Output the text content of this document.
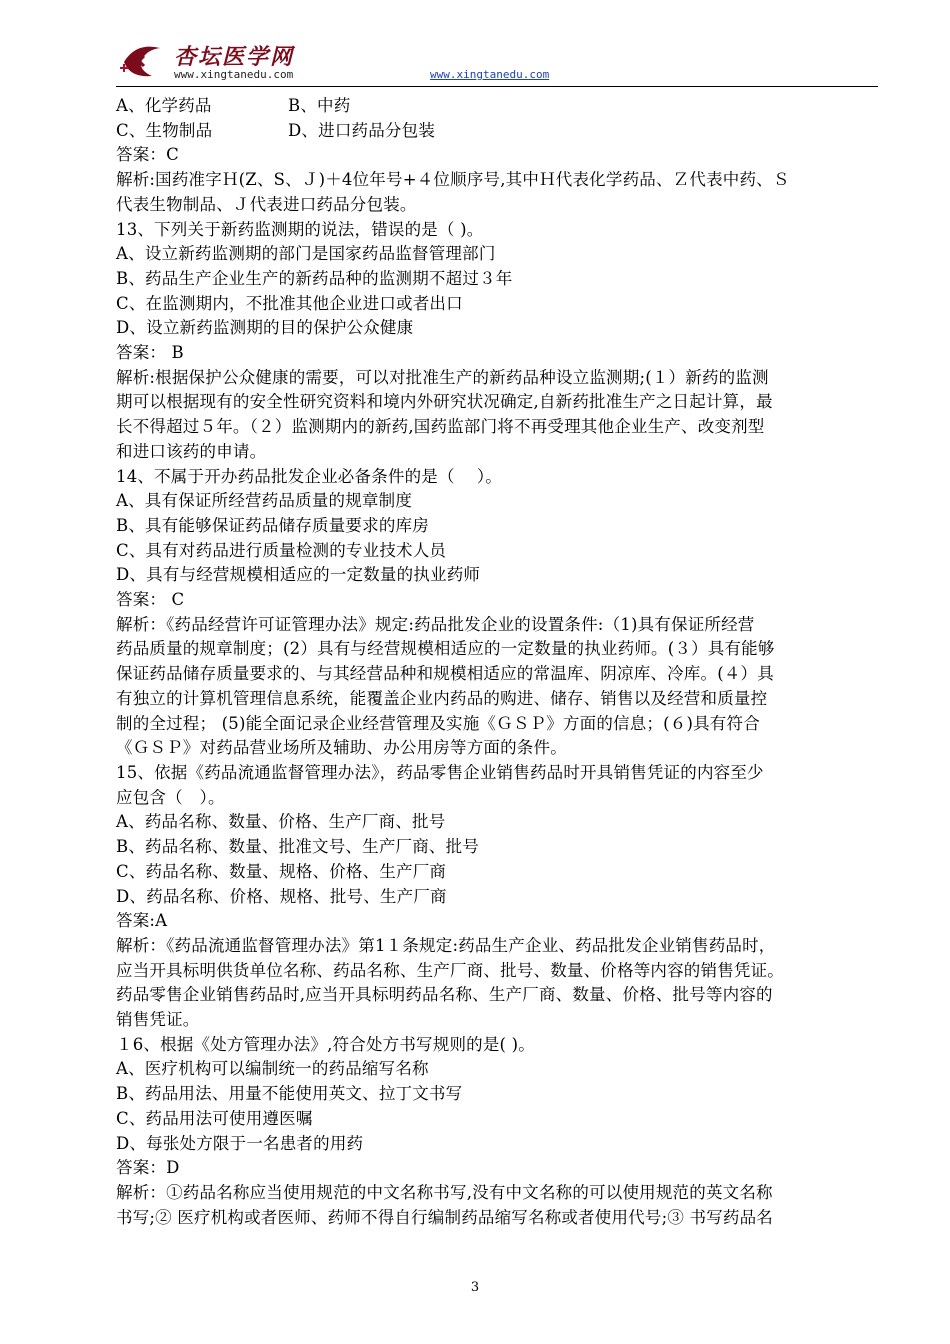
杏坛医学网
www.xingtanedu.com	www.xingtanedu.com
A、化学药品	B、中药
C、生物制品	D、进口药品分包装
答案：C
解析:国药准字Ｈ(Z、S、Ｊ)＋4位年号+４位顺序号,其中Ｈ代表化学药品、Ｚ代表中药、Ｓ
代表生物制品、Ｊ代表进口药品分包装。
13、下列关于新药监测期的说法，错误的是（ )。
A、设立新药监测期的部门是国家药品监督管理部门
B、药品生产企业生产的新药品种的监测期不超过３年
C、在监测期内，不批准其他企业进口或者出口
D、设立新药监测期的目的保护公众健康
答案： B
解析:根据保护公众健康的需要，可以对批准生产的新药品种设立监测期;(１）新药的监测
期可以根据现有的安全性研究资料和境内外研究状况确定,自新药批准生产之日起计算，最
长不得超过５年。（２）监测期内的新药,国药监部门将不再受理其他企业生产、改变剂型
和进口该药的申请。
14、不属于开办药品批发企业必备条件的是（　 ）。
A、具有保证所经营药品质量的规章制度
B、具有能够保证药品储存质量要求的库房
C、具有对药品进行质量检测的专业技术人员
D、具有与经营规模相适应的一定数量的执业药师
答案： C
解析：《药品经营许可证管理办法》规定:药品批发企业的设置条件:（1)具有保证所经营
药品质量的规章制度；(2）具有与经营规模相适应的一定数量的执业药师。(３）具有能够
保证药品储存质量要求的、与其经营品种和规模相适应的常温库、阴凉库、冷库。(４）具
有独立的计算机管理信息系统，能覆盖企业内药品的购进、储存、销售以及经营和质量控
制的全过程； (5)能全面记录企业经营管理及实施《ＧＳＰ》方面的信息；(６)具有符合
《ＧＳＰ》对药品营业场所及辅助、办公用房等方面的条件。
15、依据《药品流通监督管理办法》，药品零售企业销售药品时开具销售凭证的内容至少
应包含（　）。
A、药品名称、数量、价格、生产厂商、批号
B、药品名称、数量、批准文号、生产厂商、批号
C、药品名称、数量、规格、价格、生产厂商
D、药品名称、价格、规格、批号、生产厂商
答案:A
解析：《药品流通监督管理办法》第1１条规定:药品生产企业、药品批发企业销售药品时，
应当开具标明供货单位名称、药品名称、生产厂商、批号、数量、价格等内容的销售凭证。
药品零售企业销售药品时,应当开具标明药品名称、生产厂商、数量、价格、批号等内容的
销售凭证。
１6、根据《处方管理办法》,符合处方书写规则的是( )。
A、医疗机构可以编制统一的药品缩写名称
B、药品用法、用量不能使用英文、拉丁文书写
C、药品用法可使用遵医嘱
D、每张处方限于一名患者的用药
答案：D
解析：①药品名称应当使用规范的中文名称书写,没有中文名称的可以使用规范的英文名称
书写;② 医疗机构或者医师、药师不得自行编制药品缩写名称或者使用代号;③ 书写药品名
3
